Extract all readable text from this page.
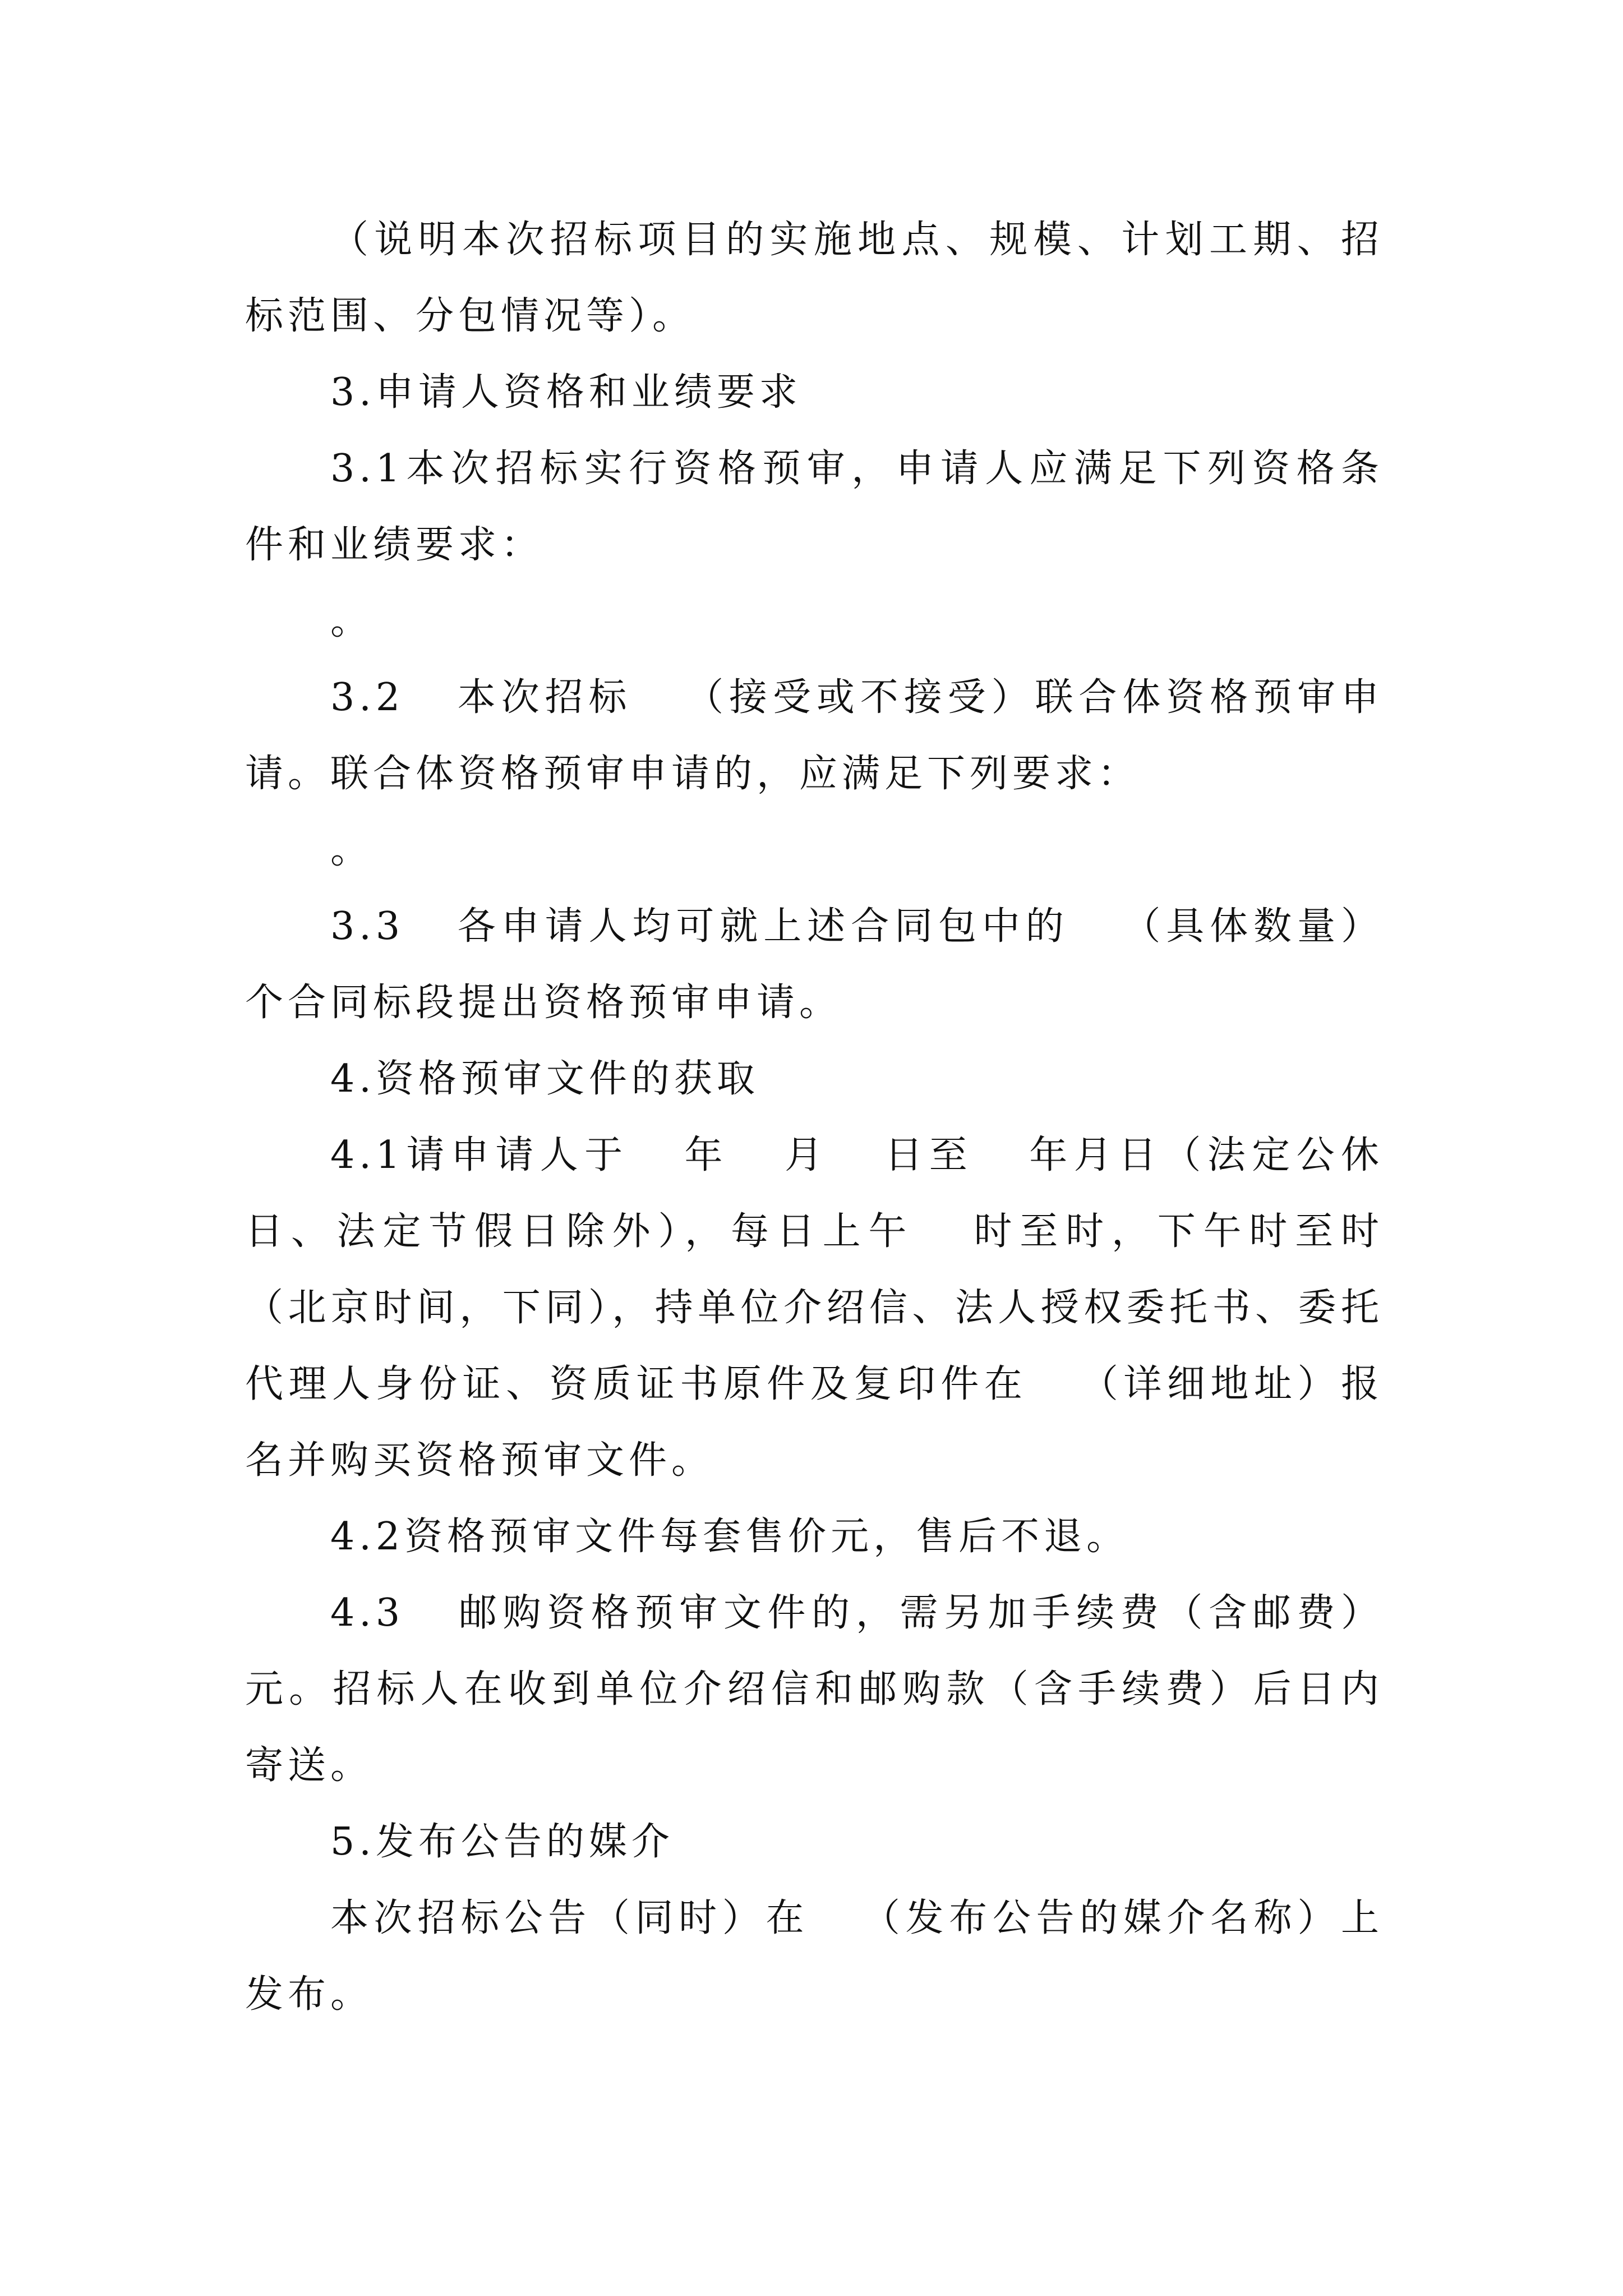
（说明本次招标项目的实施地点、规模、计划工期、招标范围、分包情况等）。

3.申请人资格和业绩要求

3.1本次招标实行资格预审，申请人应满足下列资格条件和业绩要求：

。

3.2   本次招标   （接受或不接受）联合体资格预审申请。联合体资格预审申请的，应满足下列要求：

。

3.3   各申请人均可就上述合同包中的   （具体数量）个合同标段提出资格预审申请。

4.资格预审文件的获取

4.1请申请人于   年   月   日至   年月日（法定公休日、法定节假日除外），每日上午   时至时，下午时至时（北京时间，下同），持单位介绍信、法人授权委托书、委托代理人身份证、资质证书原件及复印件在   （详细地址）报名并购买资格预审文件。

4.2资格预审文件每套售价元，售后不退。

4.3   邮购资格预审文件的，需另加手续费（含邮费）元。招标人在收到单位介绍信和邮购款（含手续费）后日内寄送。

5.发布公告的媒介

本次招标公告（同时）在   （发布公告的媒介名称）上发布。
